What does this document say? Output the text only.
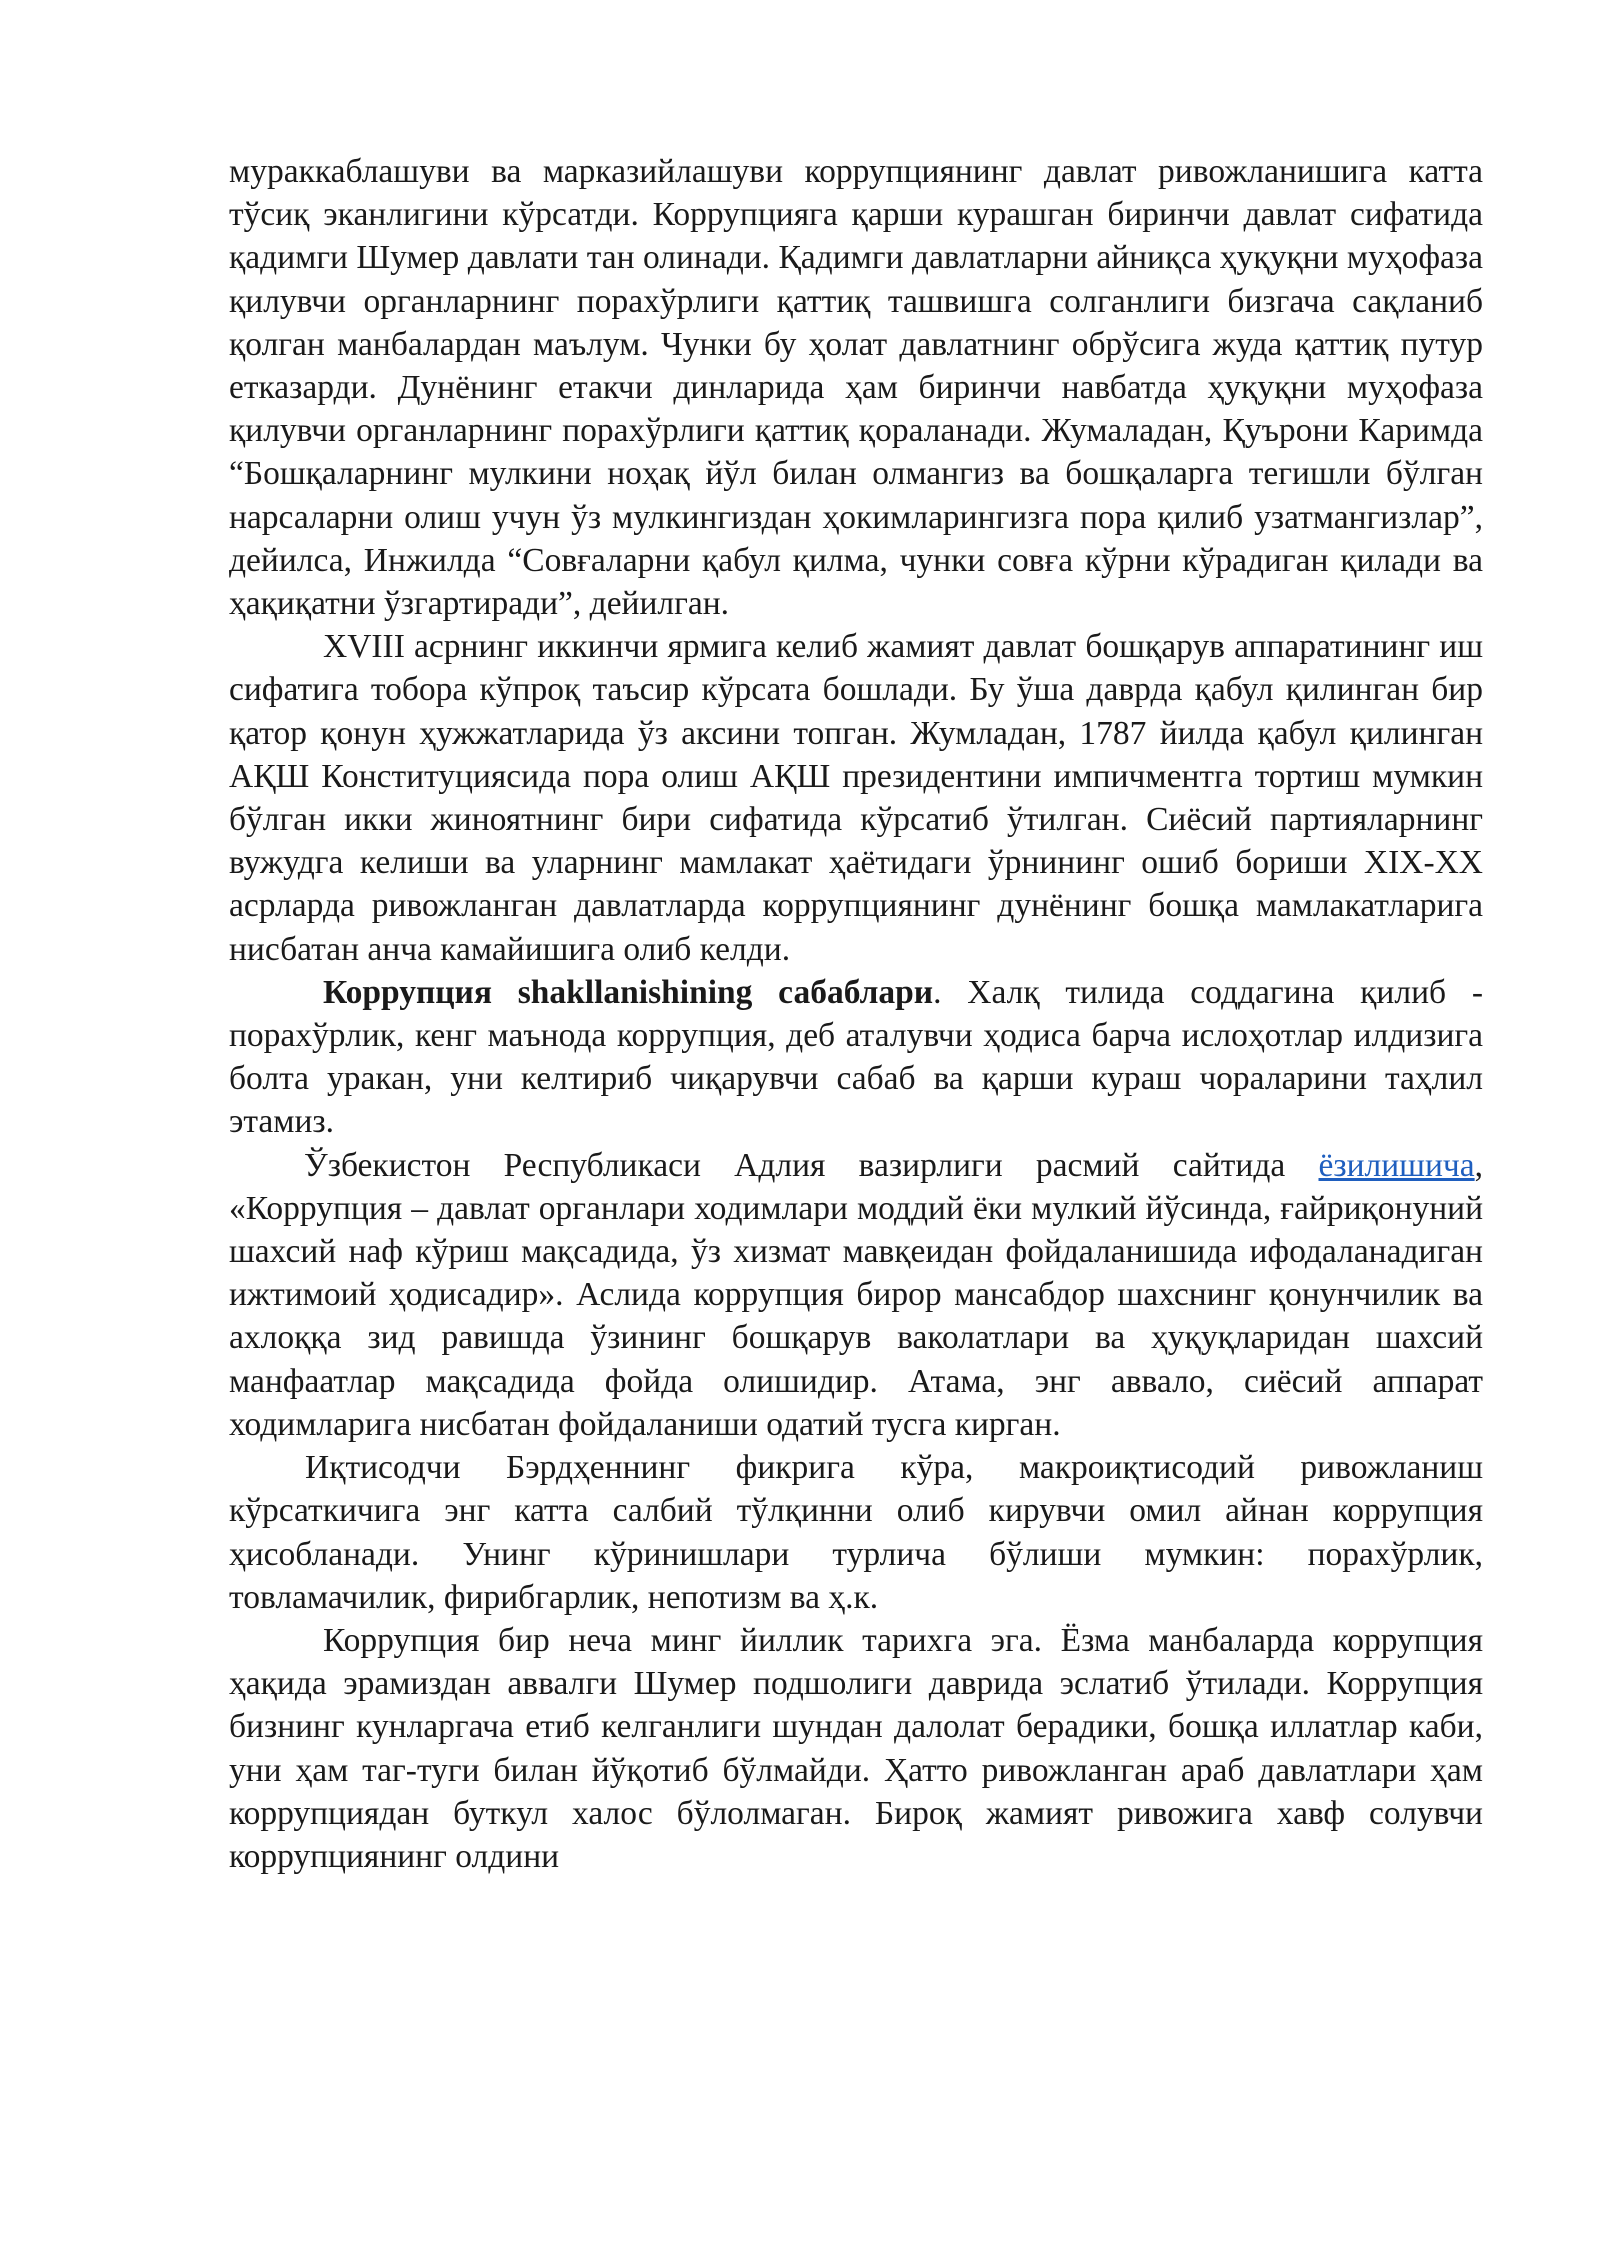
мураккаблашуви ва марказийлашуви коррупциянинг давлат ривожланишига катта тўсиқ эканлигини кўрсатди. Коррупцияга қарши курашган биринчи давлат сифатида қадимги Шумер давлати тан олинади. Қадимги давлатларни айниқса ҳуқуқни муҳофаза қилувчи органларнинг порахўрлиги қаттиқ ташвишга солганлиги бизгача сақланиб қолган манбалардан маълум. Чунки бу ҳолат давлатнинг обрўсига жуда қаттиқ путур етказарди. Дунёнинг етакчи динларида ҳам биринчи навбатда ҳуқуқни муҳофаза қилувчи органларнинг порахўрлиги қаттиқ қораланади. Жумаладан, Қуърони Каримда “Бошқаларнинг мулкини ноҳақ йўл билан олмангиз ва бошқаларга тегишли бўлган нарсаларни олиш учун ўз мулкингиздан ҳокимларингизга пора қилиб узатмангизлар”, дейилса, Инжилда “Совғаларни қабул қилма, чунки совға кўрни кўрадиган қилади ва ҳақиқатни ўзгартиради”, дейилган.

XVIII асрнинг иккинчи ярмига келиб жамият давлат бошқарув аппаратининг иш сифатига тобора кўпроқ таъсир кўрсата бошлади. Бу ўша даврда қабул қилинган бир қатор қонун ҳужжатларида ўз аксини топган. Жумладан, 1787 йилда қабул қилинган АҚШ Конституциясида пора олиш АҚШ президентини импичментга тортиш мумкин бўлган икки жиноятнинг бири сифатида кўрсатиб ўтилган. Сиёсий партияларнинг вужудга келиши ва уларнинг мамлакат ҳаётидаги ўрнининг ошиб бориши XIX-XX асрларда ривожланган давлатларда коррупциянинг дунёнинг бошқа мамлакатларига нисбатан анча камайишига олиб келди.

Коррупция shakllanishining сабаблари. Халқ тилида соддагина қилиб - порахўрлик, кенг маънода коррупция, деб аталувчи ҳодиса барча ислоҳотлар илдизига болта уракан, уни келтириб чиқарувчи сабаб ва қарши кураш чораларини таҳлил этамиз.

Ўзбекистон Республикаси Адлия вазирлиги расмий сайтида ёзилишича, «Коррупция – давлат органлари ходимлари моддий ёки мулкий йўсинда, ғайриқонуний шахсий наф кўриш мақсадида, ўз хизмат мавқеидан фойдаланишида ифодаланадиган ижтимоий ҳодисадир». Аслида коррупция бирор мансабдор шахснинг қонунчилик ва ахлоққа зид равишда ўзининг бошқарув ваколатлари ва ҳуқуқларидан шахсий манфаатлар мақсадида фойда олишидир. Атама, энг аввало, сиёсий аппарат ходимларига нисбатан фойдаланиши одатий тусга кирган.

Иқтисодчи Бэрдҳеннинг фикрига кўра, макроиқтисодий ривожланиш кўрсаткичига энг катта салбий тўлқинни олиб кирувчи омил айнан коррупция ҳисобланади. Унинг кўринишлари турлича бўлиши мумкин: порахўрлик, товламачилик, фирибгарлик, непотизм ва ҳ.к.

Коррупция бир неча минг йиллик тарихга эга. Ёзма манбаларда коррупция ҳақида эрамиздан аввалги Шумер подшолиги даврида эслатиб ўтилади. Коррупция бизнинг кунларгача етиб келганлиги шундан далолат берадики, бошқа иллатлар каби, уни ҳам таг-туги билан йўқотиб бўлмайди. Ҳатто ривожланган араб давлатлари ҳам коррупциядан буткул халос бўлолмаган. Бироқ жамият ривожига хавф солувчи коррупциянинг олдини
